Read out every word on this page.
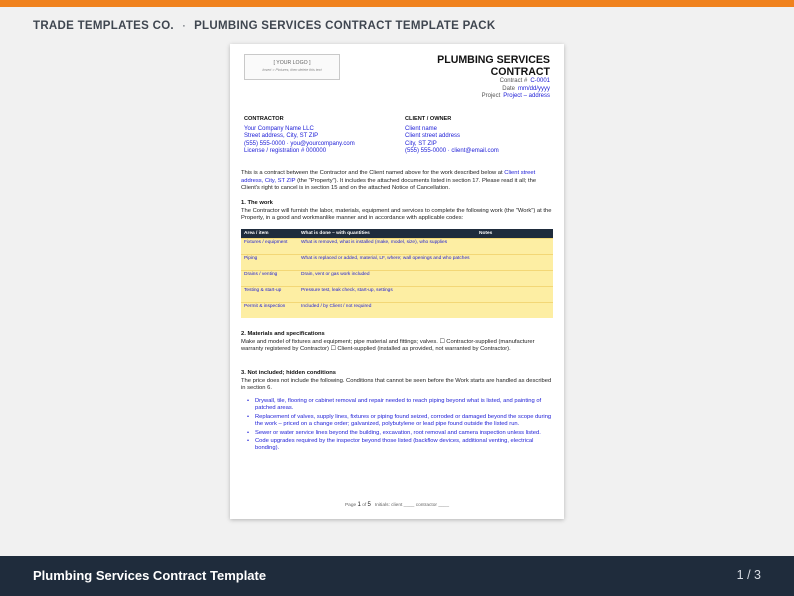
TRADE TEMPLATES CO. · PLUMBING SERVICES CONTRACT TEMPLATE PACK
[ YOUR LOGO ]
Insert > Pictures, then delete this text
PLUMBING SERVICES
CONTRACT
Contract # C-0001
Date mm/dd/yyyy
Project Project – address
CONTRACTOR
Your Company Name LLC
Street address, City, ST ZIP
(555) 555-0000 · you@yourcompany.com
License / registration # 000000
CLIENT / OWNER
Client name
Client street address
City, ST ZIP
(555) 555-0000 · client@email.com
This is a contract between the Contractor and the Client named above for the work described below at Client street address, City, ST ZIP (the "Property"). It includes the attached documents listed in section 17. Please read it all; the Client's right to cancel is in section 15 and on the attached Notice of Cancellation.
1. The work
The Contractor will furnish the labor, materials, equipment and services to complete the following work (the "Work") at the Property, in a good and workmanlike manner and in accordance with applicable codes:
Area / item	What is done – with quantities	Notes
Fixtures / equipment	What is removed, what is installed (make, model, size), who supplies	
Piping	What is replaced or added, material, LF, where; wall openings and who patches	
Drains / venting	Drain, vent or gas work included	
Testing & start-up	Pressure test, leak check, start-up, settings	
Permit & inspection	Included / by Client / not required	
2. Materials and specifications
Make and model of fixtures and equipment; pipe material and fittings; valves. ☐ Contractor-supplied (manufacturer warranty registered by Contractor) ☐ Client-supplied (installed as provided, not warranted by Contractor).
3. Not included; hidden conditions
The price does not include the following. Conditions that cannot be seen before the Work starts are handled as described in section 6.
• Drywall, tile, flooring or cabinet removal and repair needed to reach piping beyond what is listed, and painting of patched areas.
• Replacement of valves, supply lines, fixtures or piping found seized, corroded or damaged beyond the scope during the work – priced on a change order; galvanized, polybutylene or lead pipe found outside the listed run.
• Sewer or water service lines beyond the building, excavation, root removal and camera inspection unless listed.
• Code upgrades required by the inspector beyond those listed (backflow devices, additional venting, electrical bonding).
Page 1 of 5 Initials: client ____ contractor ____
Plumbing Services Contract Template	1 / 3
